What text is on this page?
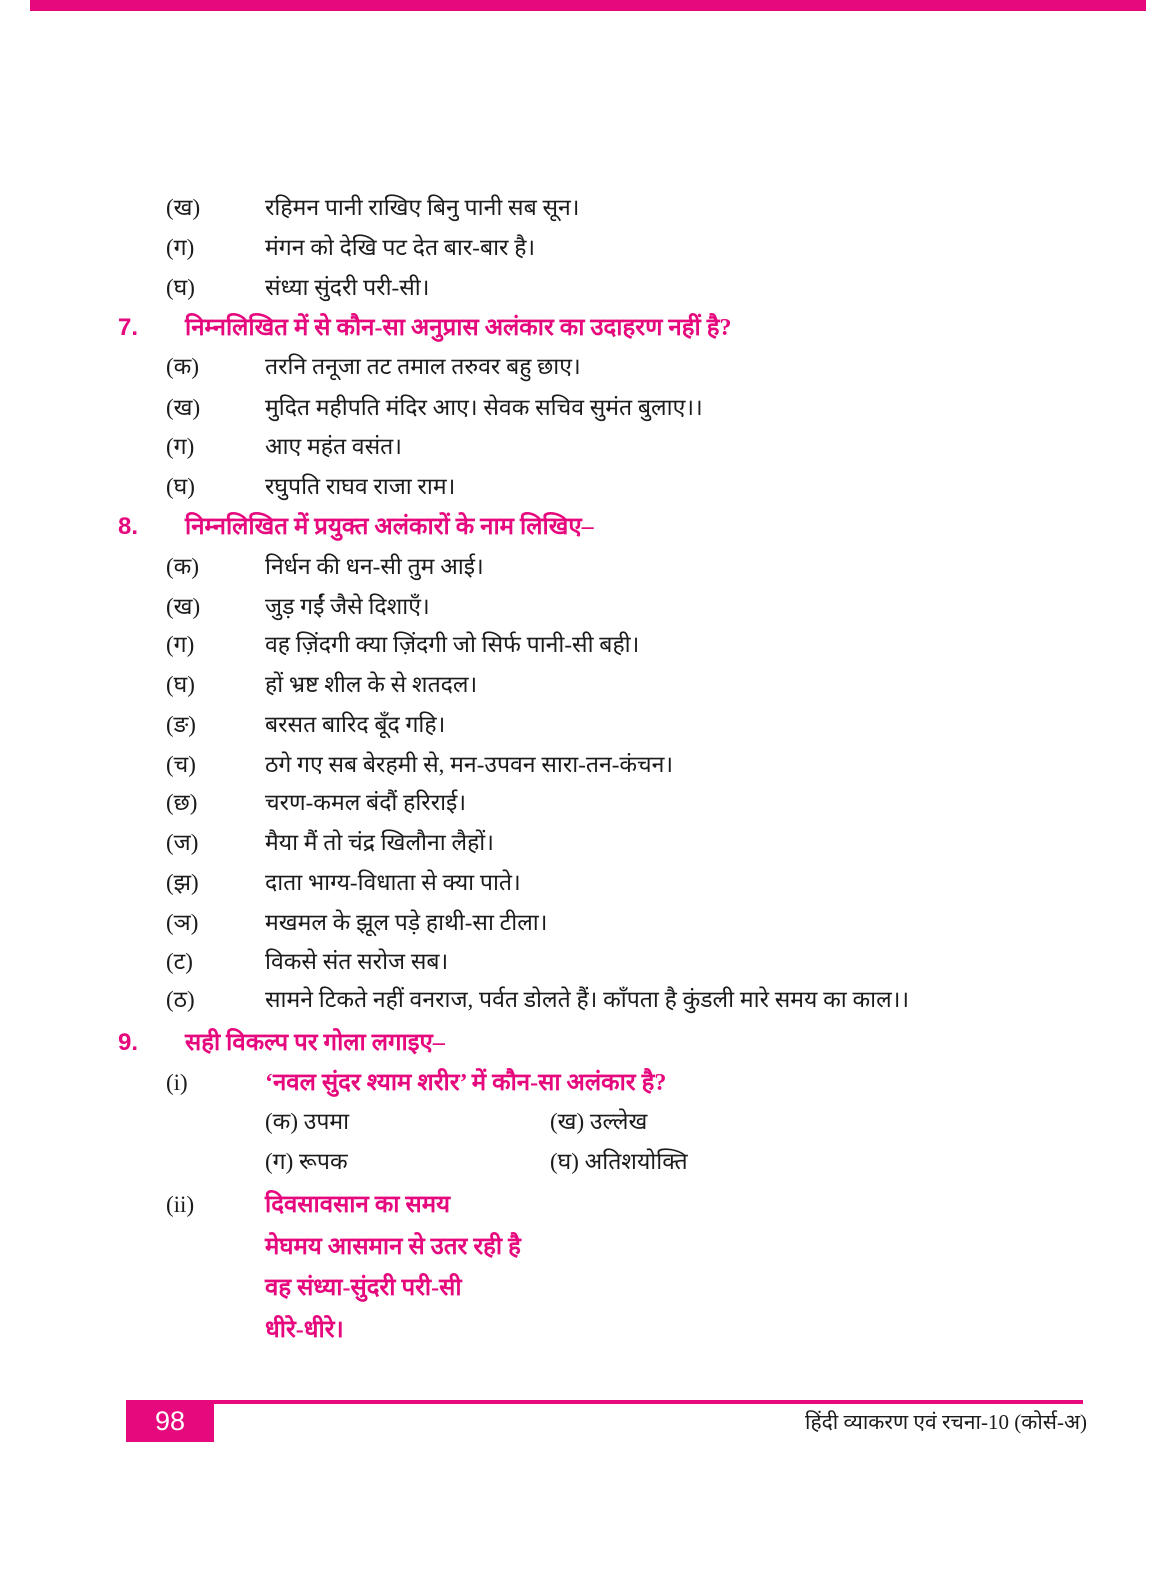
(ख)	रहिमन पानी राखिए बिनु पानी सब सून।
(ग)	मंगन को देखि पट देत बार-बार है।
(घ)	संध्या सुंदरी परी-सी।
7. निम्नलिखित में से कौन-सा अनुप्रास अलंकार का उदाहरण नहीं है?
(क)	तरनि तनूजा तट तमाल तरुवर बहु छाए।
(ख)	मुदित महीपति मंदिर आए। सेवक सचिव सुमंत बुलाए।।
(ग)	आए महंत वसंत।
(घ)	रघुपति राघव राजा राम।
8. निम्नलिखित में प्रयुक्त अलंकारों के नाम लिखिए–
(क)	निर्धन की धन-सी तुम आई।
(ख)	जुड़ गईं जैसे दिशाएँ।
(ग)	वह ज़िंदगी क्या ज़िंदगी जो सिर्फ पानी-सी बही।
(घ)	हों भ्रष्ट शील के से शतदल।
(ङ)	बरसत बारिद बूँद गहि।
(च)	ठगे गए सब बेरहमी से, मन-उपवन सारा-तन-कंचन।
(छ)	चरण-कमल बंदौं हरिराई।
(ज)	मैया मैं तो चंद्र खिलौना लैहों।
(झ)	दाता भाग्य-विधाता से क्या पाते।
(ञ)	मखमल के झूल पड़े हाथी-सा टीला।
(ट)	विकसे संत सरोज सब।
(ठ)	सामने टिकते नहीं वनराज, पर्वत डोलते हैं। काँपता है कुंडली मारे समय का काल।।
9. सही विकल्प पर गोला लगाइए–
(i)	‘नवल सुंदर श्याम शरीर’ में कौन-सा अलंकार है?
(क) उपमा	(ख) उल्लेख
(ग) रूपक	(घ) अतिशयोक्ति
(ii)	दिवसावसान का समय
मेघमय आसमान से उतर रही है
वह संध्या-सुंदरी परी-सी
धीरे-धीरे।
98	हिंदी व्याकरण एवं रचना-10 (कोर्स-अ)
